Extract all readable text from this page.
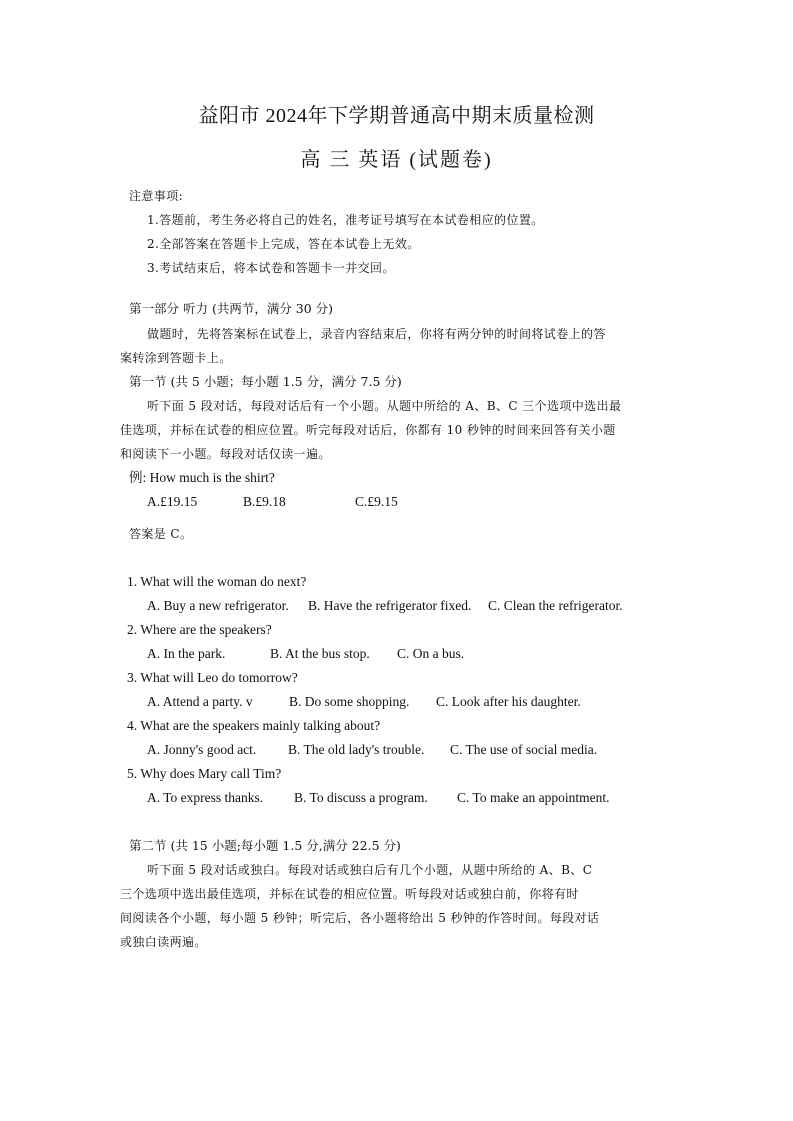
益阳市 2024年下学期普通高中期末质量检测
高 三 英语 (试题卷)
注意事项:
1.答题前，考生务必将自己的姓名，准考证号填写在本试卷相应的位置。
2.全部答案在答题卡上完成，答在本试卷上无效。
3.考试结束后，将本试卷和答题卡一并交回。
第一部分 听力 (共两节，满分 30 分)
做题时，先将答案标在试卷上，录音内容结束后，你将有两分钟的时间将试卷上的答
案转涂到答题卡上。
第一节 (共 5 小题；每小题 1.5 分，满分 7.5 分)
听下面 5 段对话，每段对话后有一个小题。从题中所给的 A、B、C 三个选项中选出最
佳选项，并标在试卷的相应位置。听完每段对话后，你都有 10 秒钟的时间来回答有关小题
和阅读下一小题。每段对话仅读一遍。
例: How much is the shirt?
A.£19.15	B.£9.18	C.£9.15
答案是 C。
1. What will the woman do next?
A. Buy a new refrigerator. B. Have the refrigerator fixed. C. Clean the refrigerator.
2. Where are the speakers?
A. In the park.	B. At the bus stop. C. On a bus.
3. What will Leo do tomorrow?
A. Attend a party. v	B. Do some shopping. C. Look after his daughter.
4. What are the speakers mainly talking about?
A. Jonny's good act. B. The old lady's trouble. C. The use of social media.
5. Why does Mary call Tim?
A. To express thanks. B. To discuss a program. C. To make an appointment.
第二节 (共 15 小题;每小题 1.5 分,满分 22.5 分)
听下面 5 段对话或独白。每段对话或独白后有几个小题，从题中所给的 A、B、C
三个选项中选出最佳选项，并标在试卷的相应位置。听每段对话或独白前，你将有时
间阅读各个小题，每小题 5 秒钟；听完后，各小题将给出 5 秒钟的作答时间。每段对话
或独白读两遍。
